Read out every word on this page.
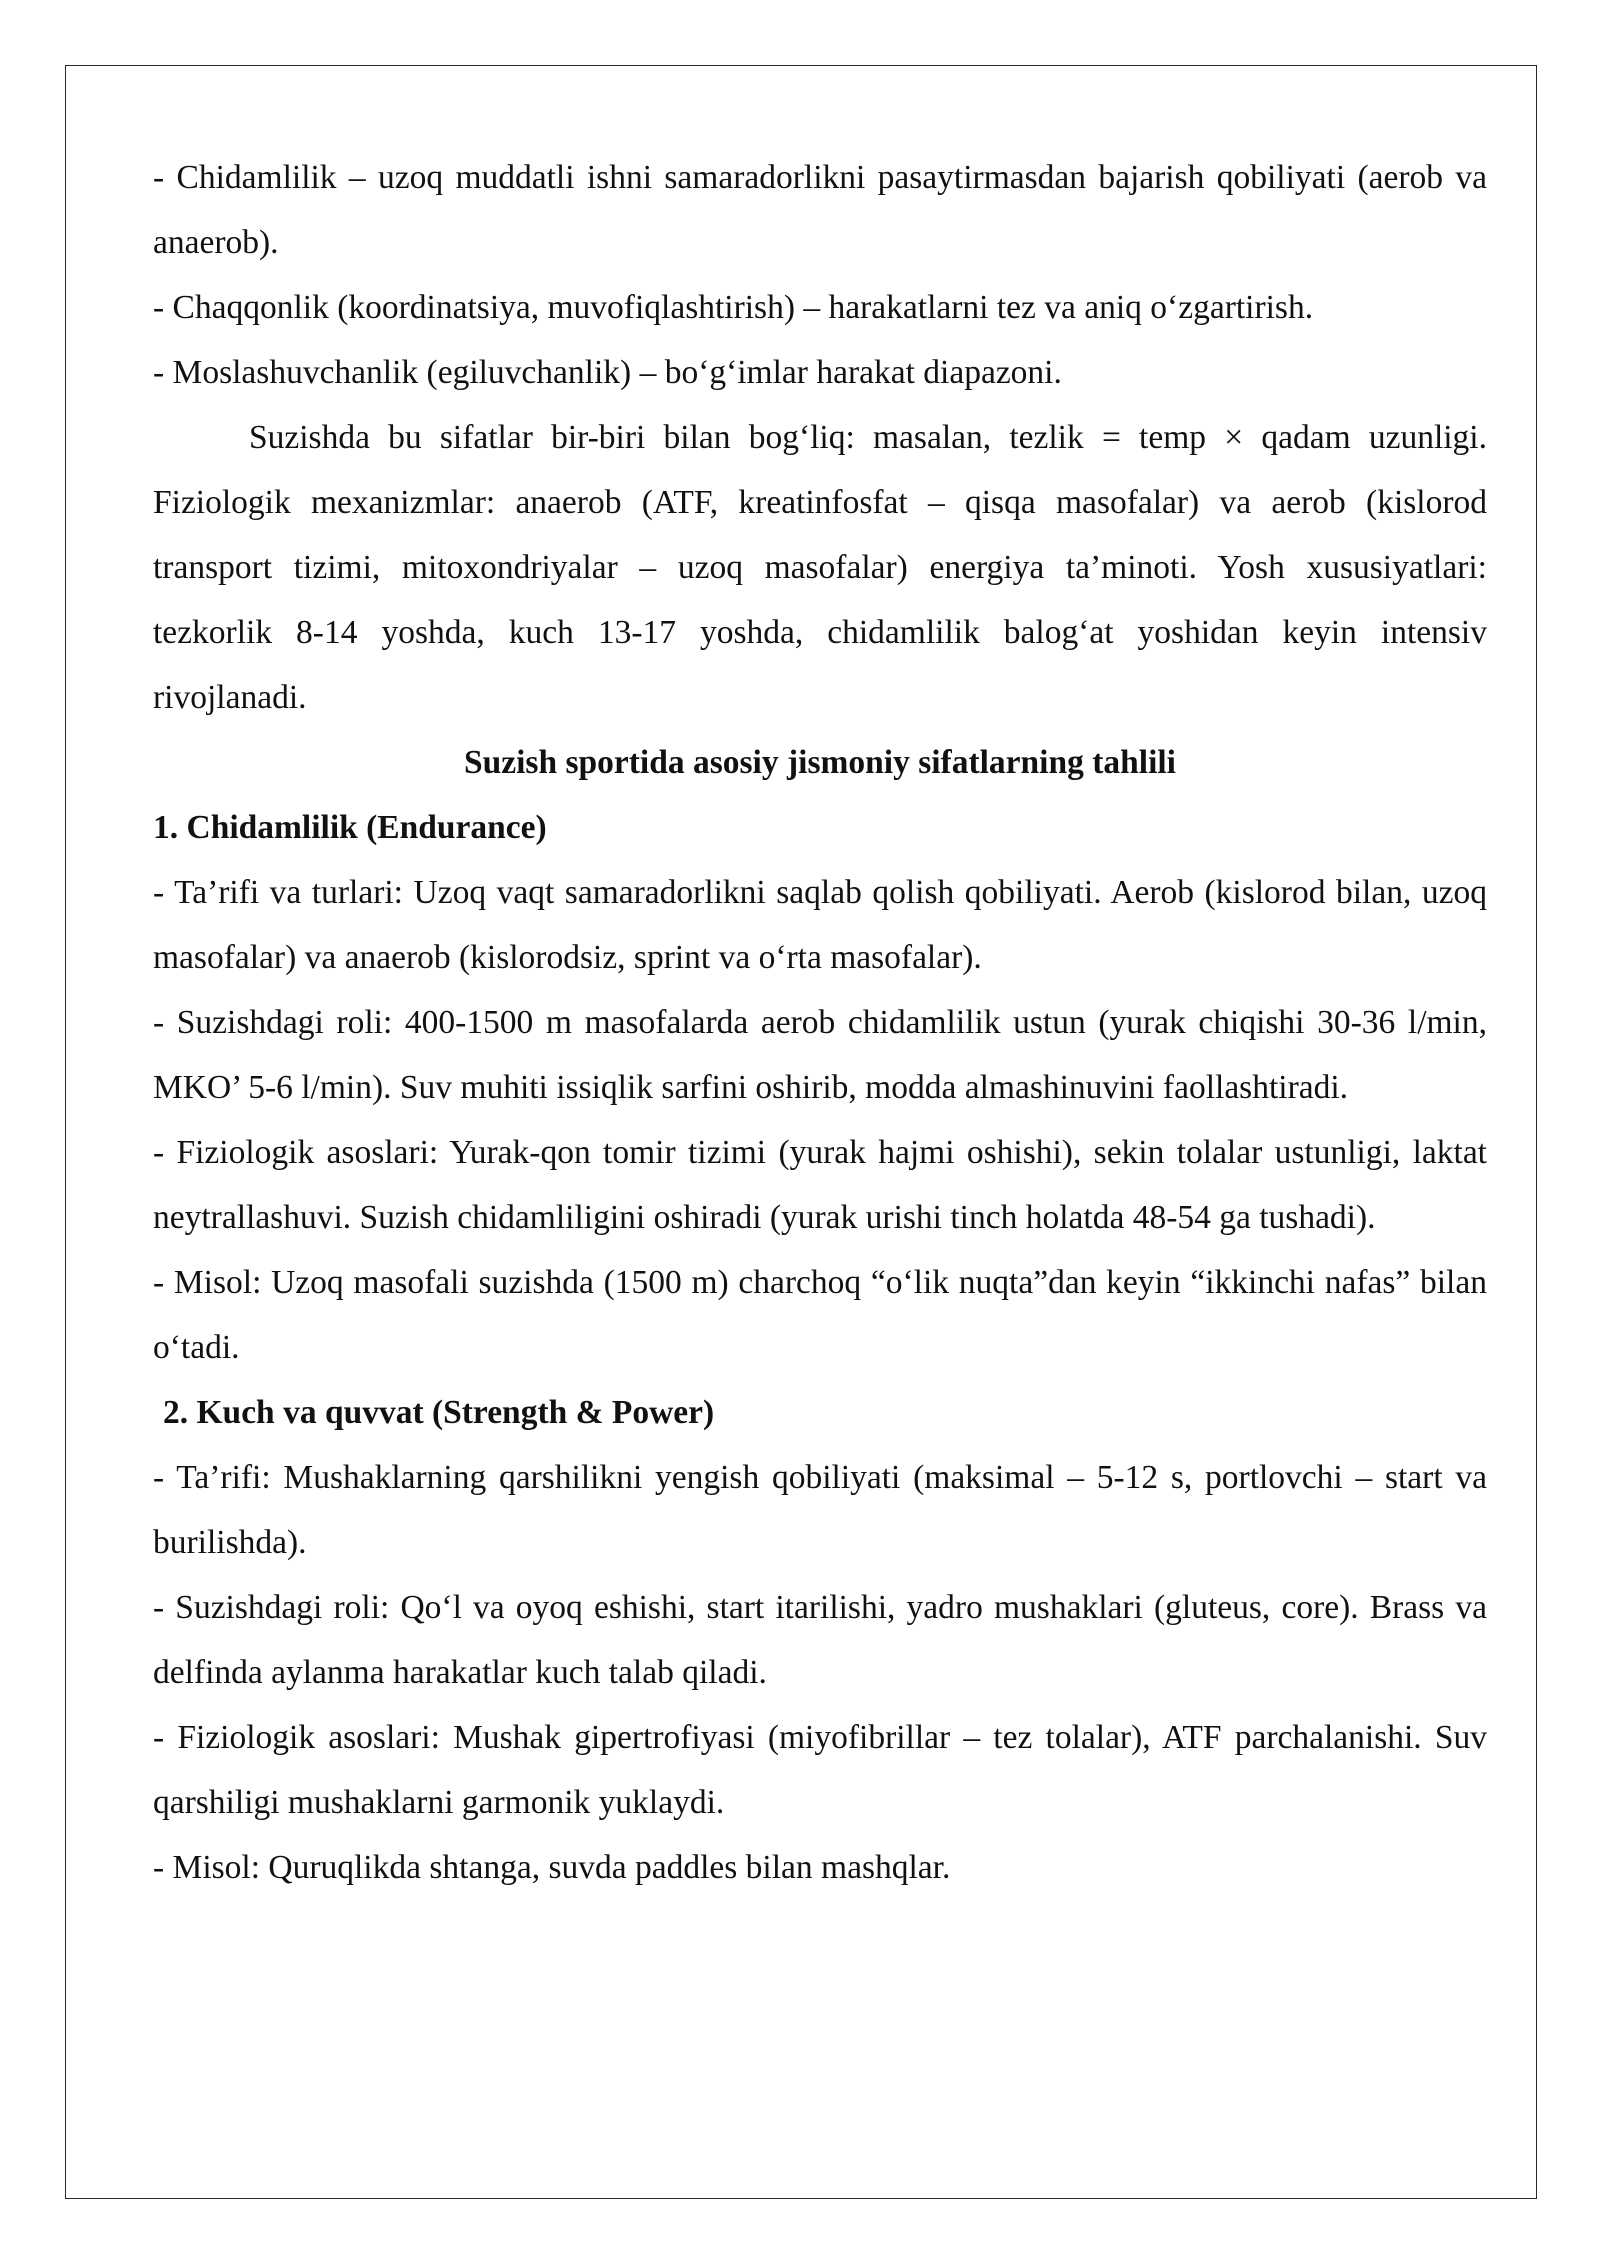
- Chidamlilik – uzoq muddatli ishni samaradorlikni pasaytirmasdan bajarish qobiliyati (aerob va anaerob).

- Chaqqonlik (koordinatsiya, muvofiqlashtirish) – harakatlarni tez va aniq o‘zgartirish.

- Moslashuvchanlik (egiluvchanlik) – bo‘g‘imlar harakat diapazoni.

Suzishda bu sifatlar bir-biri bilan bog‘liq: masalan, tezlik = temp × qadam uzunligi. Fiziologik mexanizmlar: anaerob (ATF, kreatinfosfat – qisqa masofalar) va aerob (kislorod transport tizimi, mitoxondriyalar – uzoq masofalar) energiya ta’minoti. Yosh xususiyatlari: tezkorlik 8-14 yoshda, kuch 13-17 yoshda, chidamlilik balog‘at yoshidan keyin intensiv rivojlanadi.

Suzish sportida asosiy jismoniy sifatlarning tahlili

1. Chidamlilik (Endurance)

- Ta’rifi va turlari: Uzoq vaqt samaradorlikni saqlab qolish qobiliyati. Aerob (kislorod bilan, uzoq masofalar) va anaerob (kislorodsiz, sprint va o‘rta masofalar).

- Suzishdagi roli: 400-1500 m masofalarda aerob chidamlilik ustun (yurak chiqishi 30-36 l/min, MKO’ 5-6 l/min). Suv muhiti issiqlik sarfini oshirib, modda almashinuvini faollashtiradi.

- Fiziologik asoslari: Yurak-qon tomir tizimi (yurak hajmi oshishi), sekin tolalar ustunligi, laktat neytrallashuvi. Suzish chidamliligini oshiradi (yurak urishi tinch holatda 48-54 ga tushadi).

- Misol: Uzoq masofali suzishda (1500 m) charchoq “o‘lik nuqta”dan keyin “ikkinchi nafas” bilan o‘tadi.

2. Kuch va quvvat (Strength & Power)

- Ta’rifi: Mushaklarning qarshilikni yengish qobiliyati (maksimal – 5-12 s, portlovchi – start va burilishda).

- Suzishdagi roli: Qo‘l va oyoq eshishi, start itarilishi, yadro mushaklari (gluteus, core). Brass va delfinda aylanma harakatlar kuch talab qiladi.

- Fiziologik asoslari: Mushak gipertrofiyasi (miyofibrillar – tez tolalar), ATF parchalanishi. Suv qarshiligi mushaklarni garmonik yuklaydi.

- Misol: Quruqlikda shtanga, suvda paddles bilan mashqlar.
